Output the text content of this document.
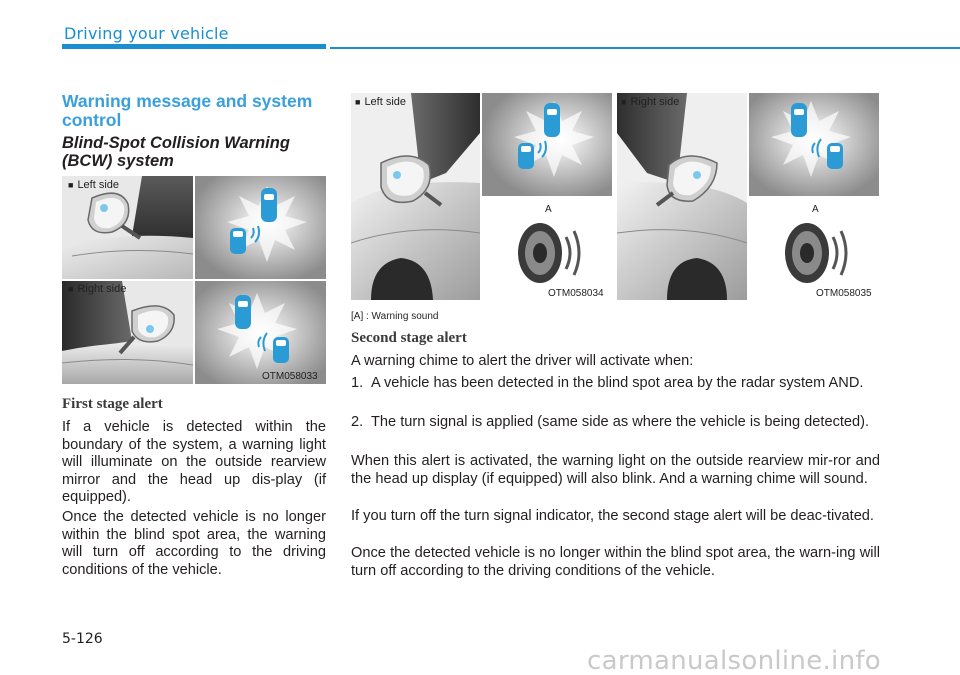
Driving your vehicle
Warning message and system control
Blind-Spot Collision Warning (BCW) system
■ Left side
■ Right side
OTM058033
■ Left side
A
OTM058034
■ Right side
A
OTM058035
[A] : Warning sound
First stage alert
If a vehicle is detected within the boundary of the system, a warning light will illuminate on the outside rearview mirror and the head up dis-play (if equipped).
Once the detected vehicle is no longer within the blind spot area, the warning will turn off according to the driving conditions of the vehicle.
Second stage alert
A warning chime to alert the driver will activate when:
1. A vehicle has been detected in the blind spot area by the radar system AND.
2. The turn signal is applied (same side as where the vehicle is being detected).
When this alert is activated, the warning light on the outside rearview mir-ror and the head up display (if equipped) will also blink. And a warning chime will sound.
If you turn off the turn signal indicator, the second stage alert will be deac-tivated.
Once the detected vehicle is no longer within the blind spot area, the warn-ing will turn off according to the driving conditions of the vehicle.
5-126
carmanualsonline.info
